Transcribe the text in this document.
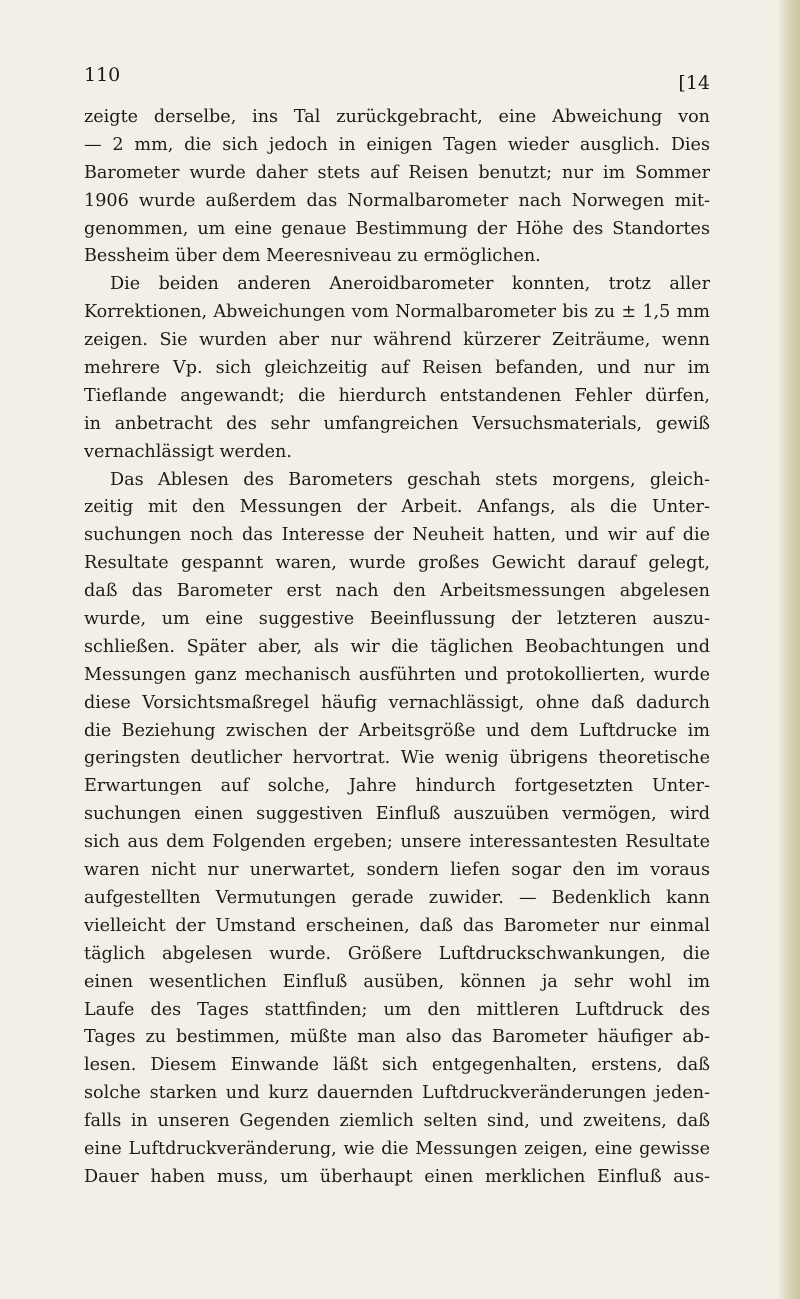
110	[14
zeigte derselbe, ins Tal zurückgebracht, eine Abweichung von
— 2 mm, die sich jedoch in einigen Tagen wieder ausglich. Dies
Barometer wurde daher stets auf Reisen benutzt; nur im Sommer
1906 wurde außerdem das Normalbarometer nach Norwegen mit-
genommen, um eine genaue Bestimmung der Höhe des Standortes
Bessheim über dem Meeresniveau zu ermöglichen.
Die beiden anderen Aneroidbarometer konnten, trotz aller
Korrektionen, Abweichungen vom Normalbarometer bis zu ± 1,5 mm
zeigen. Sie wurden aber nur während kürzerer Zeiträume, wenn
mehrere Vp. sich gleichzeitig auf Reisen befanden, und nur im
Tieflande angewandt; die hierdurch entstandenen Fehler dürfen,
in anbetracht des sehr umfangreichen Versuchsmaterials, gewiß
vernachlässigt werden.
Das Ablesen des Barometers geschah stets morgens, gleich-
zeitig mit den Messungen der Arbeit. Anfangs, als die Unter-
suchungen noch das Interesse der Neuheit hatten, und wir auf die
Resultate gespannt waren, wurde großes Gewicht darauf gelegt,
daß das Barometer erst nach den Arbeitsmessungen abgelesen
wurde, um eine suggestive Beeinflussung der letzteren auszu-
schließen. Später aber, als wir die täglichen Beobachtungen und
Messungen ganz mechanisch ausführten und protokollierten, wurde
diese Vorsichtsmaßregel häufig vernachlässigt, ohne daß dadurch
die Beziehung zwischen der Arbeitsgröße und dem Luftdrucke im
geringsten deutlicher hervortrat. Wie wenig übrigens theoretische
Erwartungen auf solche, Jahre hindurch fortgesetzten Unter-
suchungen einen suggestiven Einfluß auszuüben vermögen, wird
sich aus dem Folgenden ergeben; unsere interessantesten Resultate
waren nicht nur unerwartet, sondern liefen sogar den im voraus
aufgestellten Vermutungen gerade zuwider. — Bedenklich kann
vielleicht der Umstand erscheinen, daß das Barometer nur einmal
täglich abgelesen wurde. Größere Luftdruckschwankungen, die
einen wesentlichen Einfluß ausüben, können ja sehr wohl im
Laufe des Tages stattfinden; um den mittleren Luftdruck des
Tages zu bestimmen, müßte man also das Barometer häufiger ab-
lesen. Diesem Einwande läßt sich entgegenhalten, erstens, daß
solche starken und kurz dauernden Luftdruckveränderungen jeden-
falls in unseren Gegenden ziemlich selten sind, und zweitens, daß
eine Luftdruckveränderung, wie die Messungen zeigen, eine gewisse
Dauer haben muss, um überhaupt einen merklichen Einfluß aus-
